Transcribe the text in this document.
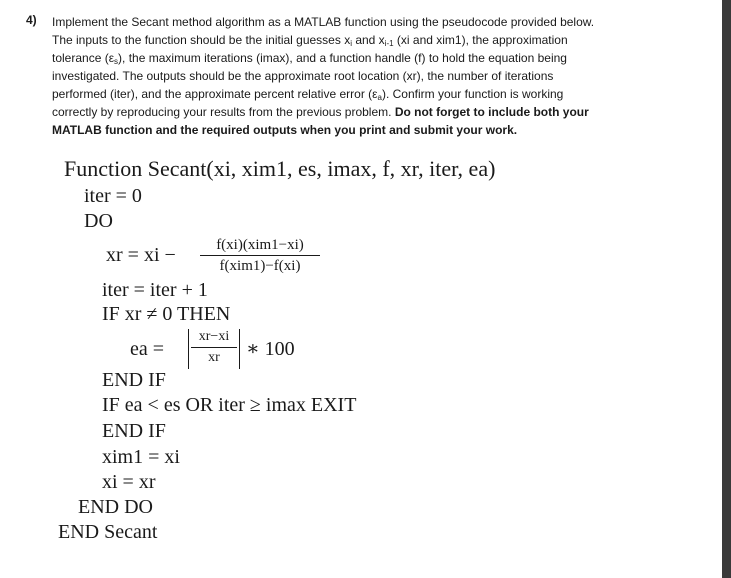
4) Implement the Secant method algorithm as a MATLAB function using the pseudocode provided below.
The inputs to the function should be the initial guesses $x_i$ and $x_{i-1}$ (xi and xim1), the approximation
tolerance $(\varepsilon_s)$, the maximum iterations (imax), and a function handle (f) to hold the equation being
investigated. The outputs should be the approximate root location (xr), the number of iterations
performed (iter), and the approximate percent relative error $(\varepsilon_a)$. Confirm your function is working
correctly by reproducing your results from the previous problem. Do not forget to include both your
MATLAB function and the required outputs when you print and submit your work.
Function Secant(xi, xim1, es, imax, f, xr, iter, ea)
iter = 0
DO
xr = xi −	f(xi)(xim1−xi)
f(xim1)−f(xi)
iter = iter + 1
IF xr ≠ 0 THEN
ea =
xr−xi
xr	∗ 100
END IF
IF ea < es OR iter ≥ imax EXIT
END IF
xim1 = xi
xi = xr
END DO
END Secant
